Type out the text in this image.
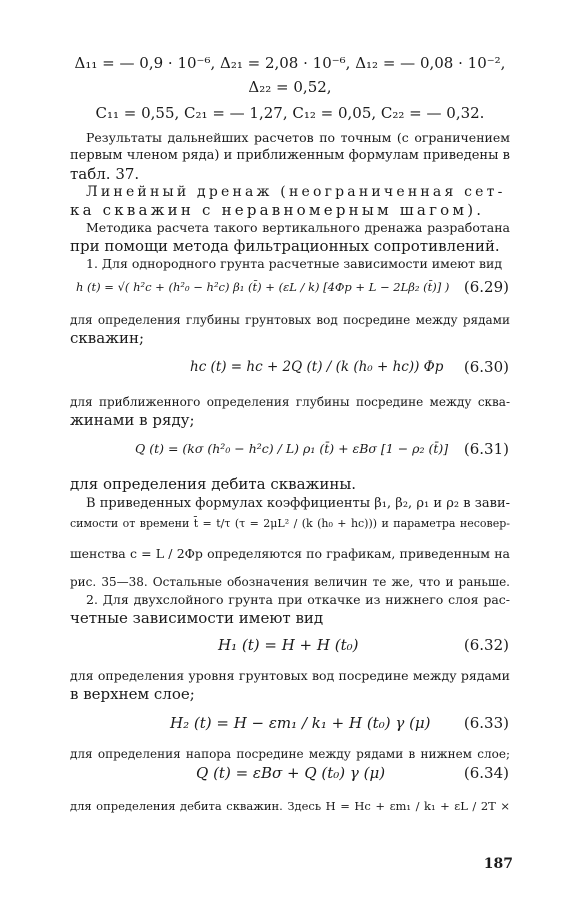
Δ₁₁ = — 0,9 · 10⁻⁶, Δ₂₁ = 2,08 · 10⁻⁶, Δ₁₂ = — 0,08 · 10⁻²,
Δ₂₂ = 0,52,
C₁₁ = 0,55, C₂₁ = — 1,27, C₁₂ = 0,05, C₂₂ = — 0,32.
Результаты дальнейших расчетов по точным (с ограничением
первым членом ряда) и приближенным формулам приведены в
табл. 37.
Линейный дренаж (неограниченная сет-
ка скважин с неравномерным шагом).
Методика расчета такого вертикального дренажа разработана
при помощи метода фильтрационных сопротивлений.
1. Для однородного грунта расчетные зависимости имеют вид
h (t) = √( h²c + (h²₀ − h²c) β₁ (t̄) + (εL / k) [4Φp + L − 2Lβ₂ (t̄)] ) (6.29)
для определения глубины грунтовых вод посредине между рядами
скважин;
hc (t) = hc + 2Q (t) / (k (h₀ + hc)) Φp (6.30)
для приближенного определения глубины посредине между сква-
жинами в ряду;
Q (t) = (kσ (h²₀ − h²c) / L) ρ₁ (t̄) + εBσ [1 − ρ₂ (t̄)] (6.31)
для определения дебита скважины.
В приведенных формулах коэффициенты β₁, β₂, ρ₁ и ρ₂ в зави-
симости от времени t̄ = t/τ (τ = 2μL² / (k (h₀ + hc))) и параметра несовер-
шенства c = L / 2Φp определяются по графикам, приведенным на
рис. 35—38. Остальные обозначения величин те же, что и раньше.
2. Для двухслойного грунта при откачке из нижнего слоя рас-
четные зависимости имеют вид
H₁ (t) = H + H (t₀)	(6.32)
для определения уровня грунтовых вод посредине между рядами
в верхнем слое;
H₂ (t) = H − εm₁ / k₁ + H (t₀) γ (μ) (6.33)
для определения напора посредине между рядами в нижнем слое;
Q (t) = εBσ + Q (t₀) γ (μ)	(6.34)
для определения дебита скважин. Здесь H = Hc + εm₁ / k₁ + εL / 2T ×
187
